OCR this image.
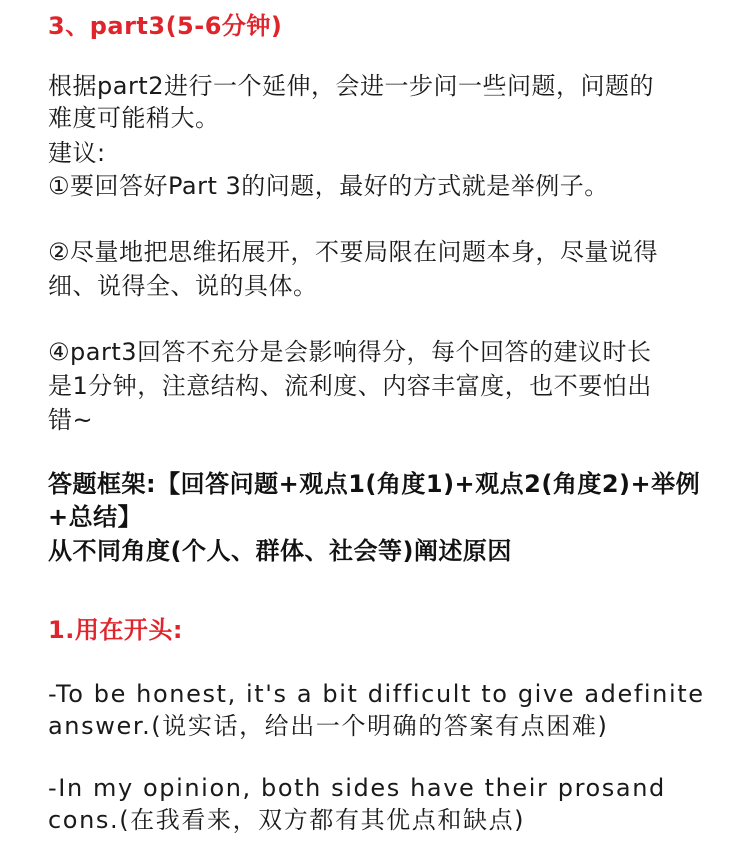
3、part3(5-6分钟)
根据part2进行一个延伸，会进一步问一些问题，问题的
难度可能稍大。
建议:
①要回答好Part 3的问题，最好的方式就是举例子。
②尽量地把思维拓展开，不要局限在问题本身，尽量说得
细、说得全、说的具体。
④part3回答不充分是会影响得分，每个回答的建议时长
是1分钟，注意结构、流利度、内容丰富度，也不要怕出
错~
答题框架:【回答问题+观点1(角度1)+观点2(角度2)+举例
+总结】
从不同角度(个人、群体、社会等)阐述原因
1.用在开头:
-To be honest, it's a bit difficult to give adefinite
answer.(说实话，给出一个明确的答案有点困难)
-In my opinion, both sides have their prosand
cons.(在我看来，双方都有其优点和缺点)
